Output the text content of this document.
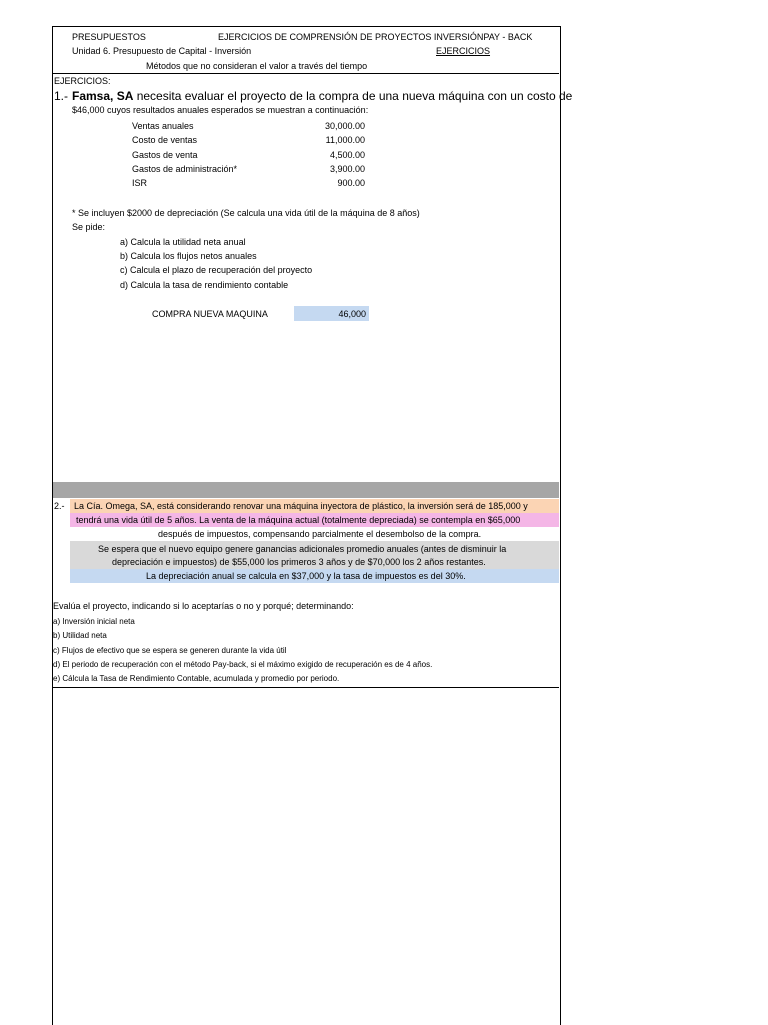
PRESUPUESTOS	EJERCICIOS DE COMPRENSIÓN DE PROYECTOS INVERSIÓNPAY - BACK
Unidad 6. Presupuesto de Capital - Inversión	EJERCICIOS
Métodos que no consideran el valor a través del tiempo
EJERCICIOS:
1.- Famsa, SA necesita evaluar el proyecto de la compra de una nueva máquina con un costo de
$46,000 cuyos resultados anuales esperados se muestran a continuación:
Ventas anuales	30,000.00
Costo de ventas	11,000.00
Gastos de venta	4,500.00
Gastos de administración*	3,900.00
ISR	900.00
* Se incluyen $2000 de depreciación (Se calcula una vida útil de la máquina de 8 años)
Se pide:
a) Calcula la utilidad neta anual
b) Calcula los flujos netos anuales
c) Calcula el plazo de recuperación del proyecto
d) Calcula la tasa de rendimiento contable
COMPRA NUEVA MAQUINA	46,000
2.- La Cía. Omega, SA, está considerando renovar una máquina inyectora de plástico, la inversión será de 185,000 y
tendrá una vida útil de 5 años. La venta de la máquina actual (totalmente depreciada) se contempla en $65,000
después de impuestos, compensando parcialmente el desembolso de la compra.
Se espera que el nuevo equipo genere ganancias adicionales promedio anuales (antes de disminuir la
depreciación e impuestos) de $55,000 los primeros 3 años y de $70,000 los 2 años restantes.
La depreciación anual se calcula en $37,000 y la tasa de impuestos es del 30%.
Evalúa el proyecto, indicando si lo aceptarías o no y porqué; determinando:
a) Inversión inicial neta
b) Utilidad neta
c) Flujos de efectivo que se espera se generen durante la vida útil
d) El periodo de recuperación con el método Pay-back, si el máximo exigido de recuperación es de 4 años.
e) Cálcula la Tasa de Rendimiento Contable, acumulada y promedio por periodo.
